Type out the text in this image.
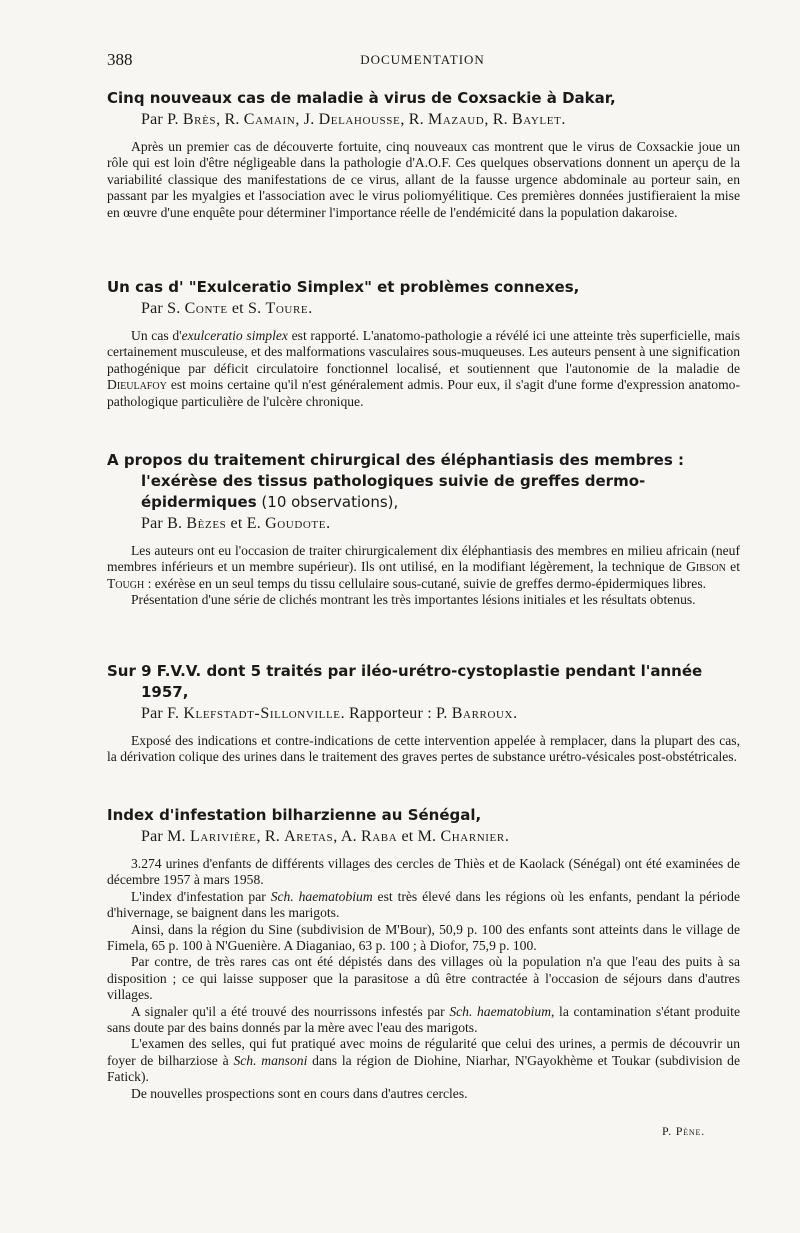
388	DOCUMENTATION

Cinq nouveaux cas de maladie à virus de Coxsackie à Dakar,

Par P. Brès, R. Camain, J. Delahousse, R. Mazaud, R. Baylet.

Après un premier cas de découverte fortuite, cinq nouveaux cas montrent que le virus de Coxsackie joue un rôle qui est loin d'être négligeable dans la pathologie d'A.O.F. Ces quelques observations donnent un aperçu de la variabilité classique des manifestations de ce virus, allant de la fausse urgence abdominale au porteur sain, en passant par les myalgies et l'association avec le virus poliomyélitique. Ces premières données justifieraient la mise en œuvre d'une enquête pour déterminer l'importance réelle de l'endémicité dans la population dakaroise.

Un cas d' "Exulceratio Simplex" et problèmes connexes,

Par S. Conte et S. Toure.

Un cas d'exulceratio simplex est rapporté. L'anatomo-pathologie a révélé ici une atteinte très superficielle, mais certainement musculeuse, et des malformations vasculaires sous-muqueuses. Les auteurs pensent à une signification pathogénique par déficit circulatoire fonctionnel localisé, et soutiennent que l'autonomie de la maladie de Dieulafoy est moins certaine qu'il n'est généralement admis. Pour eux, il s'agit d'une forme d'expression anatomo-pathologique particulière de l'ulcère chronique.

A propos du traitement chirurgical des éléphantiasis des membres : l'exérèse des tissus pathologiques suivie de greffes dermo-épidermiques (10 observations),

Par B. Bèzes et E. Goudote.

Les auteurs ont eu l'occasion de traiter chirurgicalement dix éléphantiasis des membres en milieu africain (neuf membres inférieurs et un membre supérieur). Ils ont utilisé, en la modifiant légèrement, la technique de Gibson et Tough : exérèse en un seul temps du tissu cellulaire sous-cutané, suivie de greffes dermo-épidermiques libres.

Présentation d'une série de clichés montrant les très importantes lésions initiales et les résultats obtenus.

Sur 9 F.V.V. dont 5 traités par iléo-urétro-cystoplastie pendant l'année 1957,

Par F. Klefstadt-Sillonville. Rapporteur : P. Barroux.

Exposé des indications et contre-indications de cette intervention appelée à remplacer, dans la plupart des cas, la dérivation colique des urines dans le traitement des graves pertes de substance urétro-vésicales post-obstétricales.

Index d'infestation bilharzienne au Sénégal,

Par M. Larivière, R. Aretas, A. Raba et M. Charnier.

3.274 urines d'enfants de différents villages des cercles de Thiès et de Kaolack (Sénégal) ont été examinées de décembre 1957 à mars 1958.

L'index d'infestation par Sch. haematobium est très élevé dans les régions où les enfants, pendant la période d'hivernage, se baignent dans les marigots.

Ainsi, dans la région du Sine (subdivision de M'Bour), 50,9 p. 100 des enfants sont atteints dans le village de Fimela, 65 p. 100 à N'Guenière. A Diaganiao, 63 p. 100 ; à Diofor, 75,9 p. 100.

Par contre, de très rares cas ont été dépistés dans des villages où la population n'a que l'eau des puits à sa disposition ; ce qui laisse supposer que la parasitose a dû être contractée à l'occasion de séjours dans d'autres villages.

A signaler qu'il a été trouvé des nourrissons infestés par Sch. haematobium, la contamination s'étant produite sans doute par des bains donnés par la mère avec l'eau des marigots.

L'examen des selles, qui fut pratiqué avec moins de régularité que celui des urines, a permis de découvrir un foyer de bilharziose à Sch. mansoni dans la région de Diohine, Niarhar, N'Gayokhème et Toukar (subdivision de Fatick).

De nouvelles prospections sont en cours dans d'autres cercles.

P. Pène.
